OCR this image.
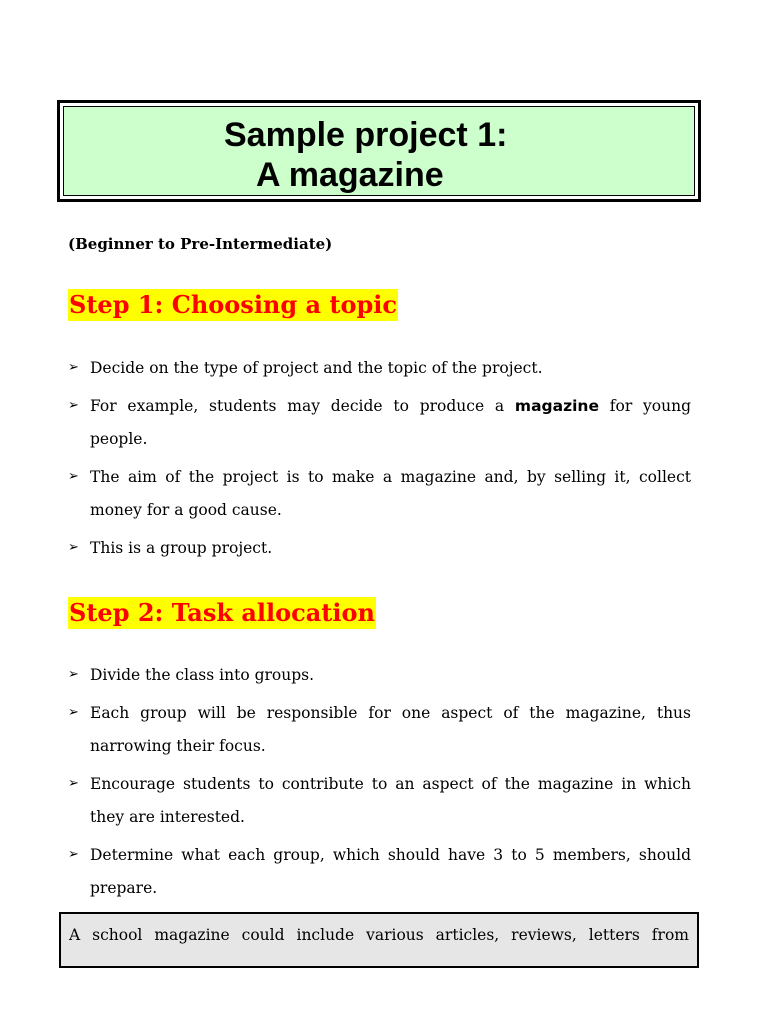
Sample project 1:
A magazine
(Beginner to Pre-Intermediate)
Step 1: Choosing a topic
➢ Decide on the type of project and the topic of the project.
➢ For example, students may decide to produce a magazine for young people.
➢ The aim of the project is to make a magazine and, by selling it, collect money for a good cause.
➢ This is a group project.
Step 2: Task allocation
➢ Divide the class into groups.
➢ Each group will be responsible for one aspect of the magazine, thus narrowing their focus.
➢ Encourage students to contribute to an aspect of the magazine in which they are interested.
➢ Determine what each group, which should have 3 to 5 members, should prepare.
A school magazine could include various articles, reviews, letters from
